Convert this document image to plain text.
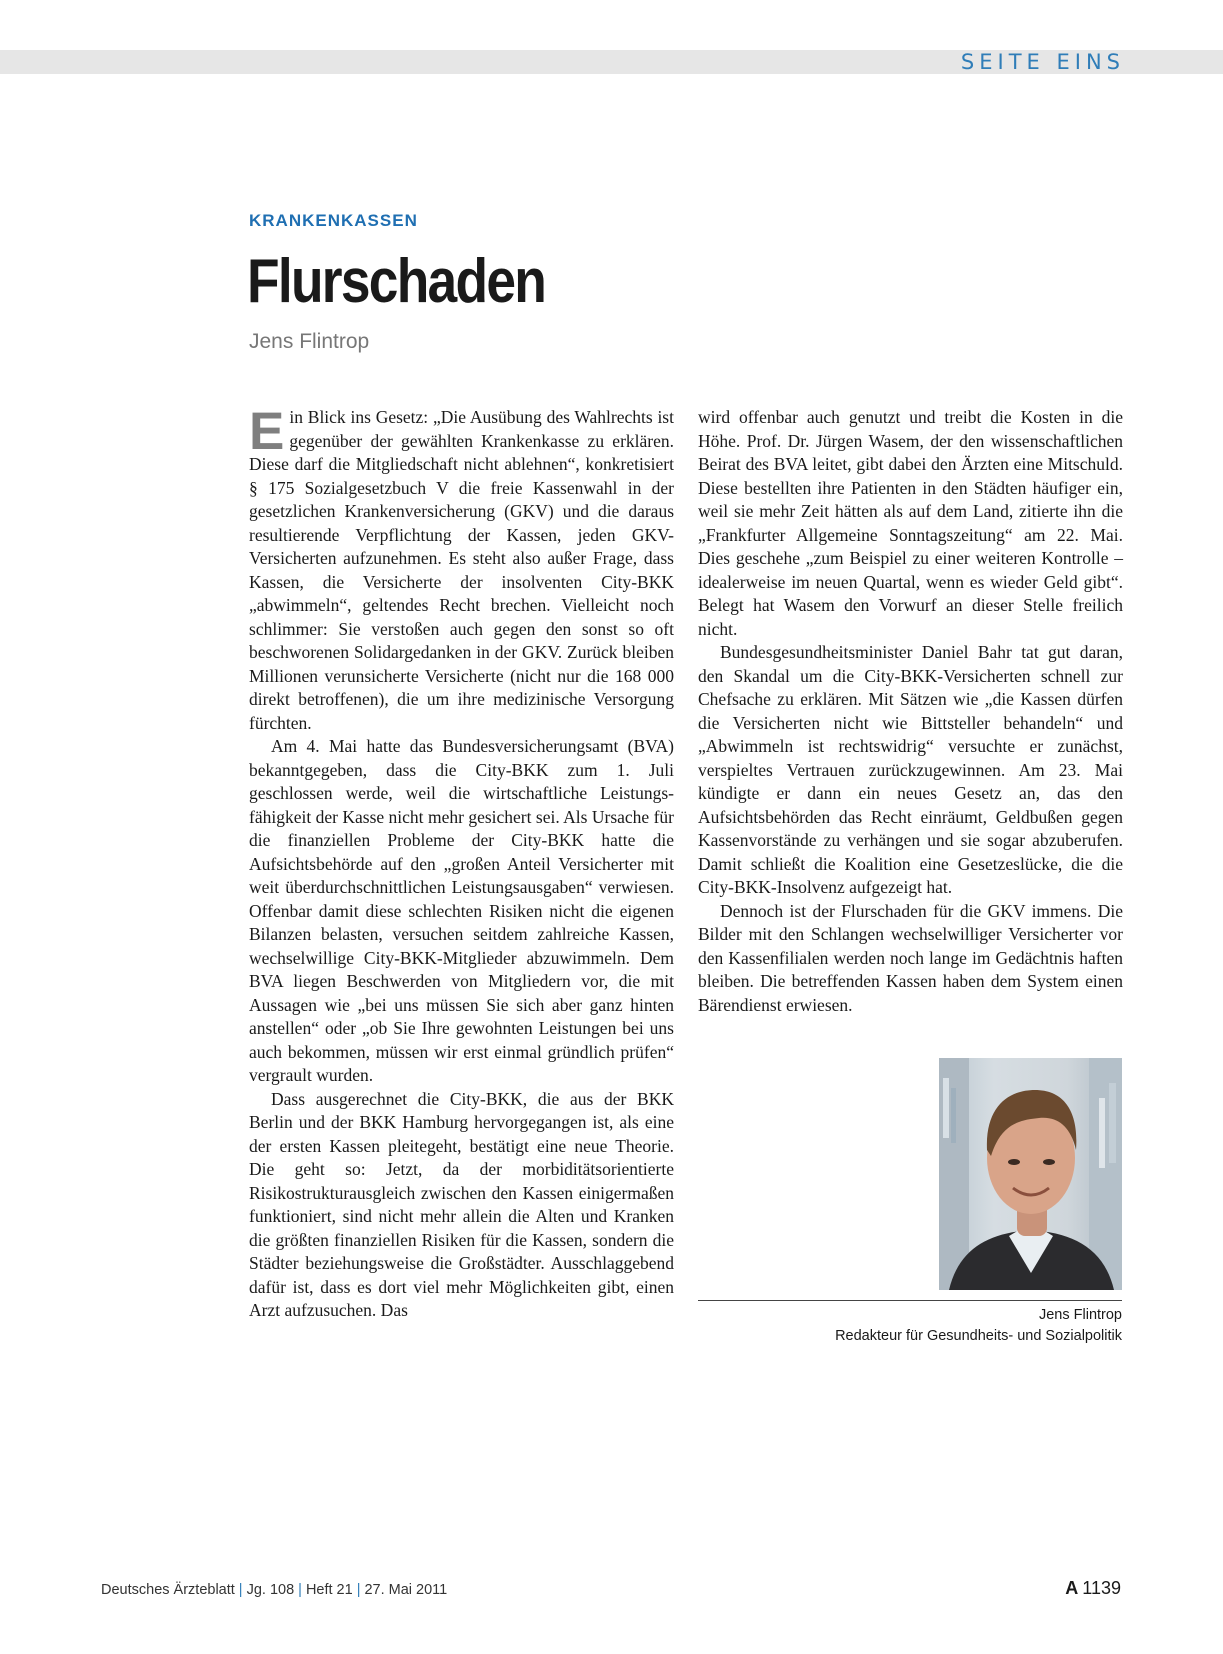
SEITE EINS
KRANKENKASSEN
Flurschaden
Jens Flintrop

Ein Blick ins Gesetz: „Die Ausübung des Wahlrechts ist gegenüber der gewählten Krankenkasse zu erklären. Diese darf die Mitgliedschaft nicht ablehnen“, konkretisiert § 175 Sozialgesetzbuch V die freie Kassenwahl in der gesetzlichen Krankenversicherung (GKV) und die daraus resultierende Verpflichtung der Kassen, jeden GKV-Versicherten aufzunehmen. Es steht also außer Frage, dass Kassen, die Versicherte der insolventen City-BKK „abwimmeln“, geltendes Recht brechen. Vielleicht noch schlimmer: Sie verstoßen auch gegen den sonst so oft beschworenen Solidargedanken in der GKV. Zurück bleiben Millionen verunsicherte Versicherte (nicht nur die 168 000 direkt betroffenen), die um ihre medizinische Versorgung fürchten.

Am 4. Mai hatte das Bundesversicherungsamt (BVA) bekanntgegeben, dass die City-BKK zum 1. Juli geschlossen werde, weil die wirtschaftliche Leistungsfähigkeit der Kasse nicht mehr gesichert sei. Als Ursache für die finanziellen Probleme der City-BKK hatte die Aufsichtsbehörde auf den „großen Anteil Versicherter mit weit überdurchschnittlichen Leistungsausgaben“ verwiesen. Offenbar damit diese schlechten Risiken nicht die eigenen Bilanzen belasten, versuchen seitdem zahlreiche Kassen, wechselwillige City-BKK-Mitglieder abzuwimmeln. Dem BVA liegen Beschwerden von Mitgliedern vor, die mit Aussagen wie „bei uns müssen Sie sich aber ganz hinten anstellen“ oder „ob Sie Ihre gewohnten Leistungen bei uns auch bekommen, müssen wir erst einmal gründlich prüfen“ vergrault wurden.

Dass ausgerechnet die City-BKK, die aus der BKK Berlin und der BKK Hamburg hervorgegangen ist, als eine der ersten Kassen pleitegeht, bestätigt eine neue Theorie. Die geht so: Jetzt, da der morbiditätsorientierte Risikostrukturausgleich zwischen den Kassen einigermaßen funktioniert, sind nicht mehr allein die Alten und Kranken die größten finanziellen Risiken für die Kassen, sondern die Städter beziehungsweise die Großstädter. Ausschlaggebend dafür ist, dass es dort viel mehr Möglichkeiten gibt, einen Arzt aufzusuchen. Das

wird offenbar auch genutzt und treibt die Kosten in die Höhe. Prof. Dr. Jürgen Wasem, der den wissenschaftlichen Beirat des BVA leitet, gibt dabei den Ärzten eine Mitschuld. Diese bestellten ihre Patienten in den Städten häufiger ein, weil sie mehr Zeit hätten als auf dem Land, zitierte ihn die „Frankfurter Allgemeine Sonntagszeitung“ am 22. Mai. Dies geschehe „zum Beispiel zu einer weiteren Kontrolle – idealerweise im neuen Quartal, wenn es wieder Geld gibt“. Belegt hat Wasem den Vorwurf an dieser Stelle freilich nicht.

Bundesgesundheitsminister Daniel Bahr tat gut daran, den Skandal um die City-BKK-Versicherten schnell zur Chefsache zu erklären. Mit Sätzen wie „die Kassen dürfen die Versicherten nicht wie Bittsteller behandeln“ und „Abwimmeln ist rechtswidrig“ versuchte er zunächst, verspieltes Vertrauen zurückzugewinnen. Am 23. Mai kündigte er dann ein neues Gesetz an, das den Aufsichtsbehörden das Recht einräumt, Geldbußen gegen Kassenvorstände zu verhängen und sie sogar abzuberufen. Damit schließt die Koalition eine Gesetzeslücke, die die City-BKK-Insolvenz aufgezeigt hat.

Dennoch ist der Flurschaden für die GKV immens. Die Bilder mit den Schlangen wechselwilliger Versicherter vor den Kassenfilialen werden noch lange im Gedächtnis haften bleiben. Die betreffenden Kassen haben dem System einen Bärendienst erwiesen.

Jens Flintrop
Redakteur für Gesundheits- und Sozialpolitik
Deutsches Ärzteblatt | Jg. 108 | Heft 21 | 27. Mai 2011	A 1139
